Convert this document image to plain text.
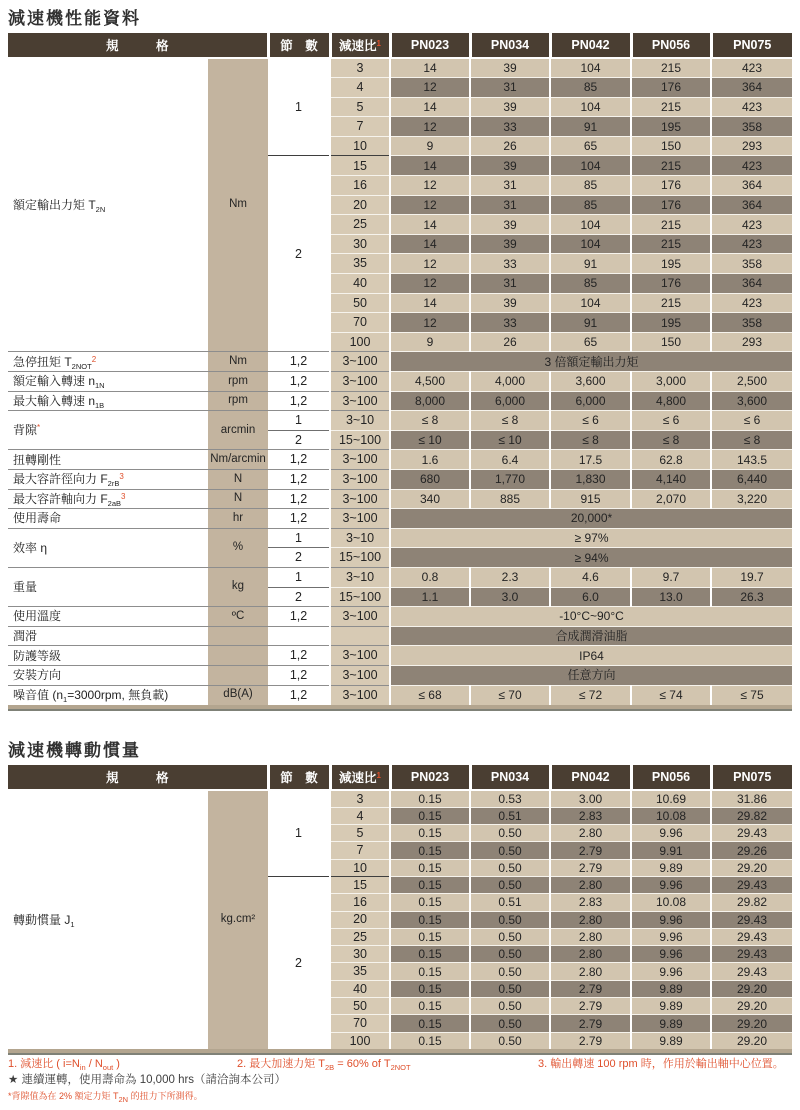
減速機性能資料
規　　　格		節　數	減速比$^1$	PN023	PN034	PN042	PN056	PN075
額定輸出力矩 $T_{2N}$	Nm	1	3	14	39	104	215	423
			4	12	31	85	176	364
			5	14	39	104	215	423
			7	12	33	91	195	358
			10	9	26	65	150	293
		2	15	14	39	104	215	423
			16	12	31	85	176	364
			20	12	31	85	176	364
			25	14	39	104	215	423
			30	14	39	104	215	423
			35	12	33	91	195	358
			40	12	31	85	176	364
			50	14	39	104	215	423
			70	12	33	91	195	358
			100	9	26	65	150	293
急停扭矩 $T_{2NOT}^2$	Nm	1,2	3~100	3 倍額定輸出力矩				
額定輸入轉速 $n_{1N}$	rpm	1,2	3~100	4,500	4,000	3,600	3,000	2,500
最大輸入轉速 $n_{1B}$	rpm	1,2	3~100	8,000	6,000	6,000	4,800	3,600
背隙*	arcmin	1	3~10	≤ 8	≤ 8	≤ 6	≤ 6	≤ 6
		2	15~100	≤ 10	≤ 10	≤ 8	≤ 8	≤ 8
扭轉剛性	Nm/arcmin	1,2	3~100	1.6	6.4	17.5	62.8	143.5
最大容許徑向力 $F_{2rB}^3$	N	1,2	3~100	680	1,770	1,830	4,140	6,440
最大容許軸向力 $F_{2aB}^3$	N	1,2	3~100	340	885	915	2,070	3,220
使用壽命	hr	1,2	3~100	20,000*				
效率 η	%	1	3~10	≥ 97%				
		2	15~100	≥ 94%				
重量	kg	1	3~10	0.8	2.3	4.6	9.7	19.7
		2	15~100	1.1	3.0	6.0	13.0	26.3
使用溫度	ºC	1,2	3~100	-10°C~90°C				
潤滑				合成潤滑油脂				
防護等級		1,2	3~100	IP64				
安裝方向		1,2	3~100	任意方向				
噪音值 ($n_1=3000rpm$, 無負載)	dB(A)	1,2	3~100	≤ 68	≤ 70	≤ 72	≤ 74	≤ 75
減速機轉動慣量
規　　　格		節　數	減速比$^1$	PN023	PN034	PN042	PN056	PN075
轉動慣量 $J_1$	kg.cm²	1	3	0.15	0.53	3.00	10.69	31.86
			4	0.15	0.51	2.83	10.08	29.82
			5	0.15	0.50	2.80	9.96	29.43
			7	0.15	0.50	2.79	9.91	29.26
			10	0.15	0.50	2.79	9.89	29.20
		2	15	0.15	0.50	2.80	9.96	29.43
			16	0.15	0.51	2.83	10.08	29.82
			20	0.15	0.50	2.80	9.96	29.43
			25	0.15	0.50	2.80	9.96	29.43
			30	0.15	0.50	2.80	9.96	29.43
			35	0.15	0.50	2.80	9.96	29.43
			40	0.15	0.50	2.79	9.89	29.20
			50	0.15	0.50	2.79	9.89	29.20
			70	0.15	0.50	2.79	9.89	29.20
			100	0.15	0.50	2.79	9.89	29.20
1. 減速比 ( $i=N_{in} / N_{out}$ )	2. 最大加速力矩 $T_{2B} = 60\%$ of $T_{2NOT}$	3. 輸出轉速 100 rpm 時，作用於輸出軸中心位置。
★ 連續運轉，使用壽命為 10,000 hrs（請洽詢本公司）
*背隙值為在 2% 額定力矩 $T_{2N}$ 的扭力下所測得。
